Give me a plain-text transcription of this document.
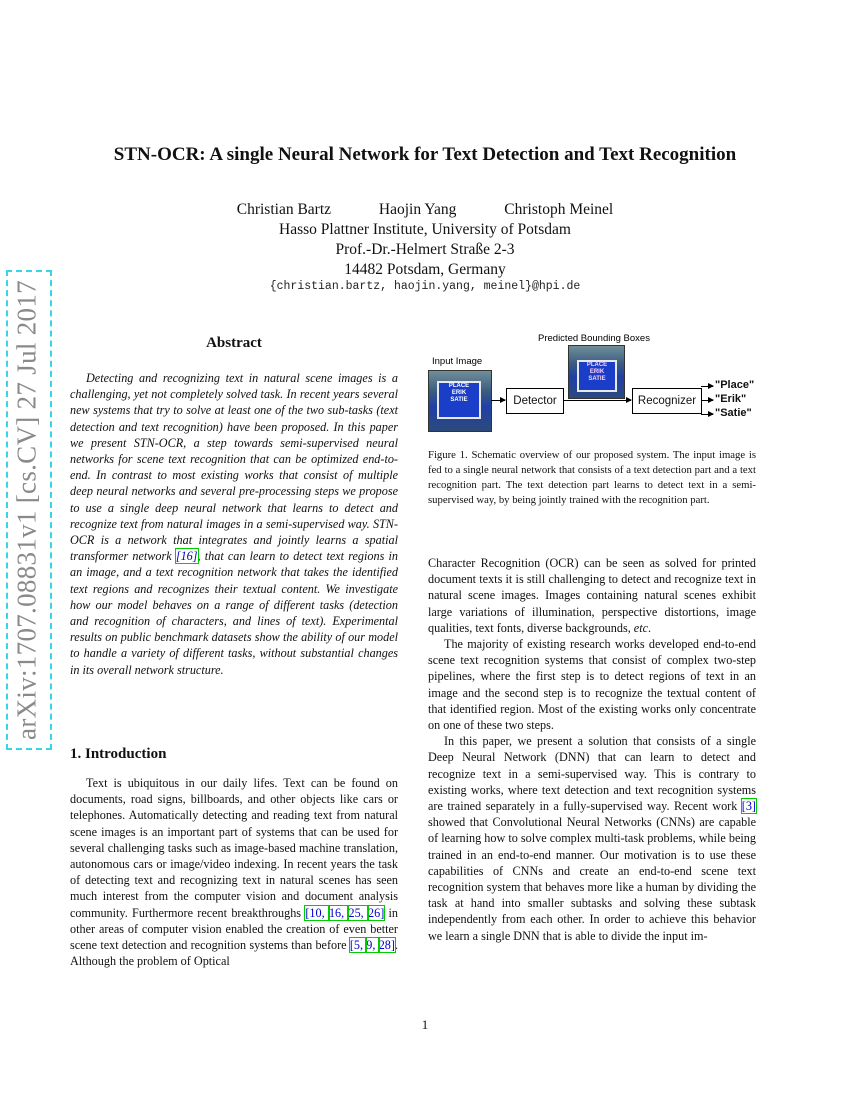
STN-OCR: A single Neural Network for Text Detection and Text Recognition
Christian Bartz	Haojin Yang	Christoph Meinel
Hasso Plattner Institute, University of Potsdam
Prof.-Dr.-Helmert Straße 2-3
14482 Potsdam, Germany
{christian.bartz, haojin.yang, meinel}@hpi.de
arXiv:1707.08831v1 [cs.CV] 27 Jul 2017	Abstract
Detecting and recognizing text in natural scene images is a challenging, yet not completely solved task. In recent years several new systems that try to solve at least one of the two sub-tasks (text detection and text recognition) have been proposed. In this paper we present STN-OCR, a step towards semi-supervised neural networks for scene text recognition that can be optimized end-to-end. In contrast to most existing works that consist of multiple deep neural networks and several pre-processing steps we propose to use a single deep neural network that learns to detect and recognize text from natural images in a semi-supervised way. STN-OCR is a network that integrates and jointly learns a spatial transformer network [16], that can learn to detect text regions in an image, and a text recognition network that takes the identified text regions and recognizes their textual content. We investigate how our model behaves on a range of different tasks (detection and recognition of characters, and lines of text). Experimental results on public benchmark datasets show the ability of our model to handle a variety of different tasks, without substantial changes in its overall network structure.
1. Introduction
Text is ubiquitous in our daily lifes. Text can be found on documents, road signs, billboards, and other objects like cars or telephones. Automatically detecting and reading text from natural scene images is an important part of systems that can be used for several challenging tasks such as image-based machine translation, autonomous cars or image/video indexing. In recent years the task of detecting text and recognizing text in natural scenes has seen much interest from the computer vision and document analysis community. Furthermore recent breakthroughs [10, 16, 25, 26] in other areas of computer vision enabled the creation of even better scene text detection and recognition systems than before [5, 9, 28]. Although the problem of Optical
Input Image
Predicted Bounding Boxes
PLACE
ERIK
SATIE
PLACE
ERIK
SATIE
Detector	Recognizer
"Place"
"Erik"
"Satie"
Figure 1. Schematic overview of our proposed system. The input image is fed to a single neural network that consists of a text detection part and a text recognition part. The text detection part learns to detect text in a semi-supervised way, by being jointly trained with the recognition part.

Character Recognition (OCR) can be seen as solved for printed document texts it is still challenging to detect and recognize text in natural scene images. Images containing natural scenes exhibit large variations of illumination, perspective distortions, image qualities, text fonts, diverse backgrounds, etc.

The majority of existing research works developed end-to-end scene text recognition systems that consist of complex two-step pipelines, where the first step is to detect regions of text in an image and the second step is to recognize the textual content of that identified region. Most of the existing works only concentrate on one of these two steps.

In this paper, we present a solution that consists of a single Deep Neural Network (DNN) that can learn to detect and recognize text in a semi-supervised way. This is contrary to existing works, where text detection and text recognition systems are trained separately in a fully-supervised way. Recent work [3] showed that Convolutional Neural Networks (CNNs) are capable of learning how to solve complex multi-task problems, while being trained in an end-to-end manner. Our motivation is to use these capabilities of CNNs and create an end-to-end scene text recognition system that behaves more like a human by dividing the task at hand into smaller subtasks and solving these subtask independently from each other. In order to achieve this behavior we learn a single DNN that is able to divide the input im-

1
